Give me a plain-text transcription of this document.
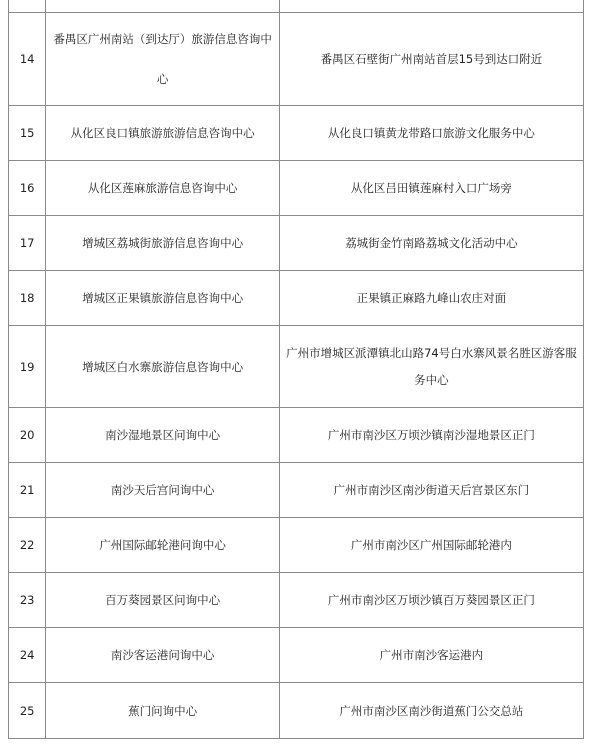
14	番禺区广州南站（到达厅）旅游信息咨询中心	番禺区石壁街广州南站首层15号到达口附近
15	从化区良口镇旅游旅游信息咨询中心	从化良口镇黄龙带路口旅游文化服务中心
16	从化区莲麻旅游信息咨询中心	从化区吕田镇莲麻村入口广场旁
17	增城区荔城街旅游信息咨询中心	荔城街金竹南路荔城文化活动中心
18	增城区正果镇旅游信息咨询中心	正果镇正麻路九峰山农庄对面
19	增城区白水寨旅游信息咨询中心	广州市增城区派潭镇北山路74号白水寨风景名胜区游客服务中心

20	南沙湿地景区问询中心	广州市南沙区万顷沙镇南沙湿地景区正门
21	南沙天后宫问询中心	广州市南沙区南沙街道天后宫景区东门
22	广州国际邮轮港问询中心	广州市南沙区广州国际邮轮港内
23	百万葵园景区问询中心	广州市南沙区万顷沙镇百万葵园景区正门
24	南沙客运港问询中心	广州市南沙客运港内
25	蕉门问询中心	广州市南沙区南沙街道蕉门公交总站
